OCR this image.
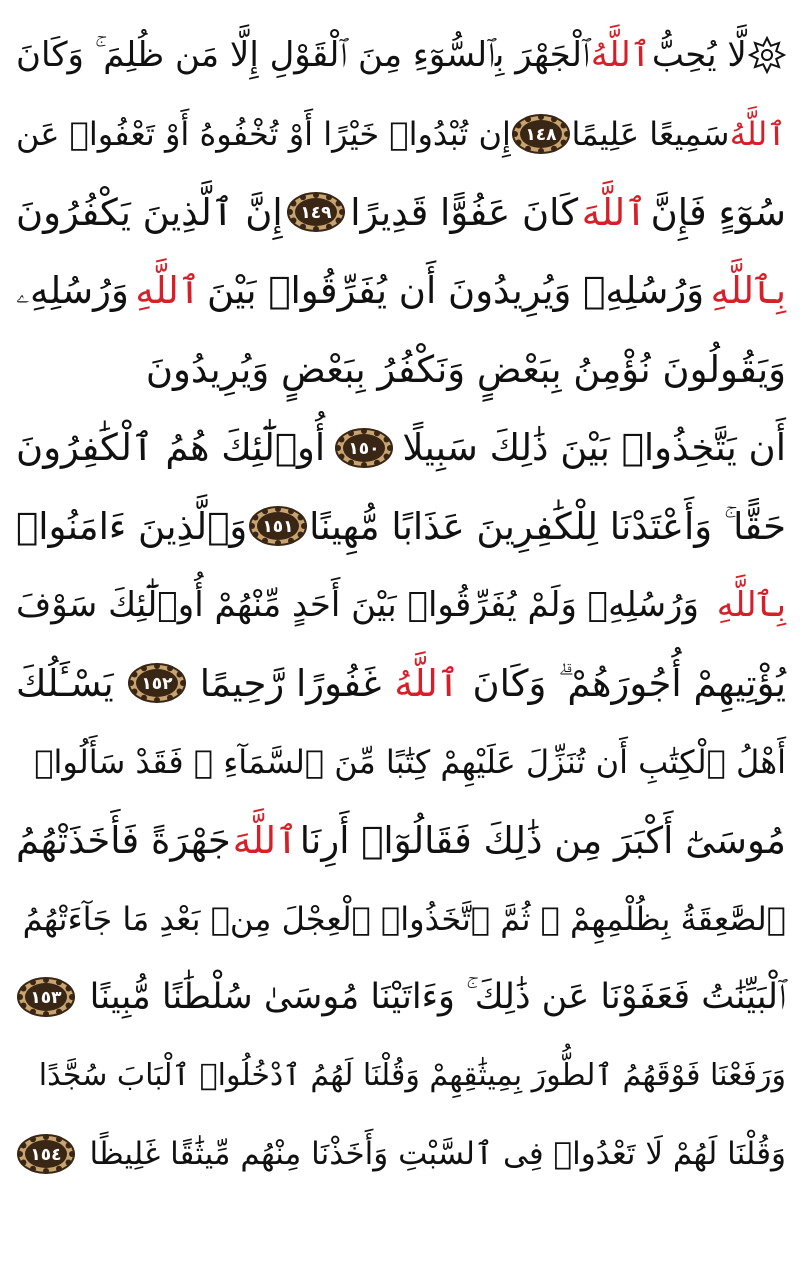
لَّا يُحِبُّ
ٱللَّهُ
ٱلْجَهْرَ بِٱلسُّوٓءِ مِنَ ٱلْقَوْلِ إِلَّا مَن ظُلِمَ ۚ وَكَانَ
ٱللَّهُ
سَمِيعًا عَلِيمًا
١٤٨
إِن تُبْدُوا۟ خَيْرًا أَوْ تُخْفُوهُ أَوْ تَعْفُوا۟ عَن
سُوٓءٍ فَإِنَّ
ٱللَّهَ
كَانَ عَفُوًّا قَدِيرًا
١٤٩
إِنَّ ٱلَّذِينَ يَكْفُرُونَ
بِٱللَّهِ
وَرُسُلِهِۦ وَيُرِيدُونَ أَن يُفَرِّقُوا۟ بَيْنَ
ٱللَّهِ
وَرُسُلِهِۦ
وَيَقُولُونَ نُؤْمِنُ بِبَعْضٍ وَنَكْفُرُ بِبَعْضٍ وَيُرِيدُونَ
أَن يَتَّخِذُوا۟ بَيْنَ ذَٰلِكَ سَبِيلًا
١٥٠
أُو۟لَٰٓئِكَ هُمُ ٱلْكَٰفِرُونَ
حَقًّا ۚ وَأَعْتَدْنَا لِلْكَٰفِرِينَ عَذَابًا مُّهِينًا
١٥١
وَٱلَّذِينَ ءَامَنُوا۟
بِٱللَّهِ
وَرُسُلِهِۦ وَلَمْ يُفَرِّقُوا۟ بَيْنَ أَحَدٍ مِّنْهُمْ أُو۟لَٰٓئِكَ سَوْفَ
يُؤْتِيهِمْ أُجُورَهُمْ ۗ وَكَانَ
ٱللَّهُ
غَفُورًا رَّحِيمًا
١٥٢
يَسْـَٔلُكَ
أَهْلُ ٱلْكِتَٰبِ أَن تُنَزِّلَ عَلَيْهِمْ كِتَٰبًا مِّنَ ٱلسَّمَآءِ ۚ فَقَدْ سَأَلُوا۟
مُوسَىٰٓ أَكْبَرَ مِن ذَٰلِكَ فَقَالُوٓا۟ أَرِنَا
ٱللَّهَ
جَهْرَةً فَأَخَذَتْهُمُ
ٱلصَّٰعِقَةُ بِظُلْمِهِمْ ۚ ثُمَّ ٱتَّخَذُوا۟ ٱلْعِجْلَ مِنۢ بَعْدِ مَا جَآءَتْهُمُ
ٱلْبَيِّنَٰتُ فَعَفَوْنَا عَن ذَٰلِكَ ۚ وَءَاتَيْنَا مُوسَىٰ سُلْطَٰنًا مُّبِينًا
١٥٣
وَرَفَعْنَا فَوْقَهُمُ ٱلطُّورَ بِمِيثَٰقِهِمْ وَقُلْنَا لَهُمُ ٱدْخُلُوا۟ ٱلْبَابَ سُجَّدًا
وَقُلْنَا لَهُمْ لَا تَعْدُوا۟ فِى ٱلسَّبْتِ وَأَخَذْنَا مِنْهُم مِّيثَٰقًا غَلِيظًا
١٥٤
